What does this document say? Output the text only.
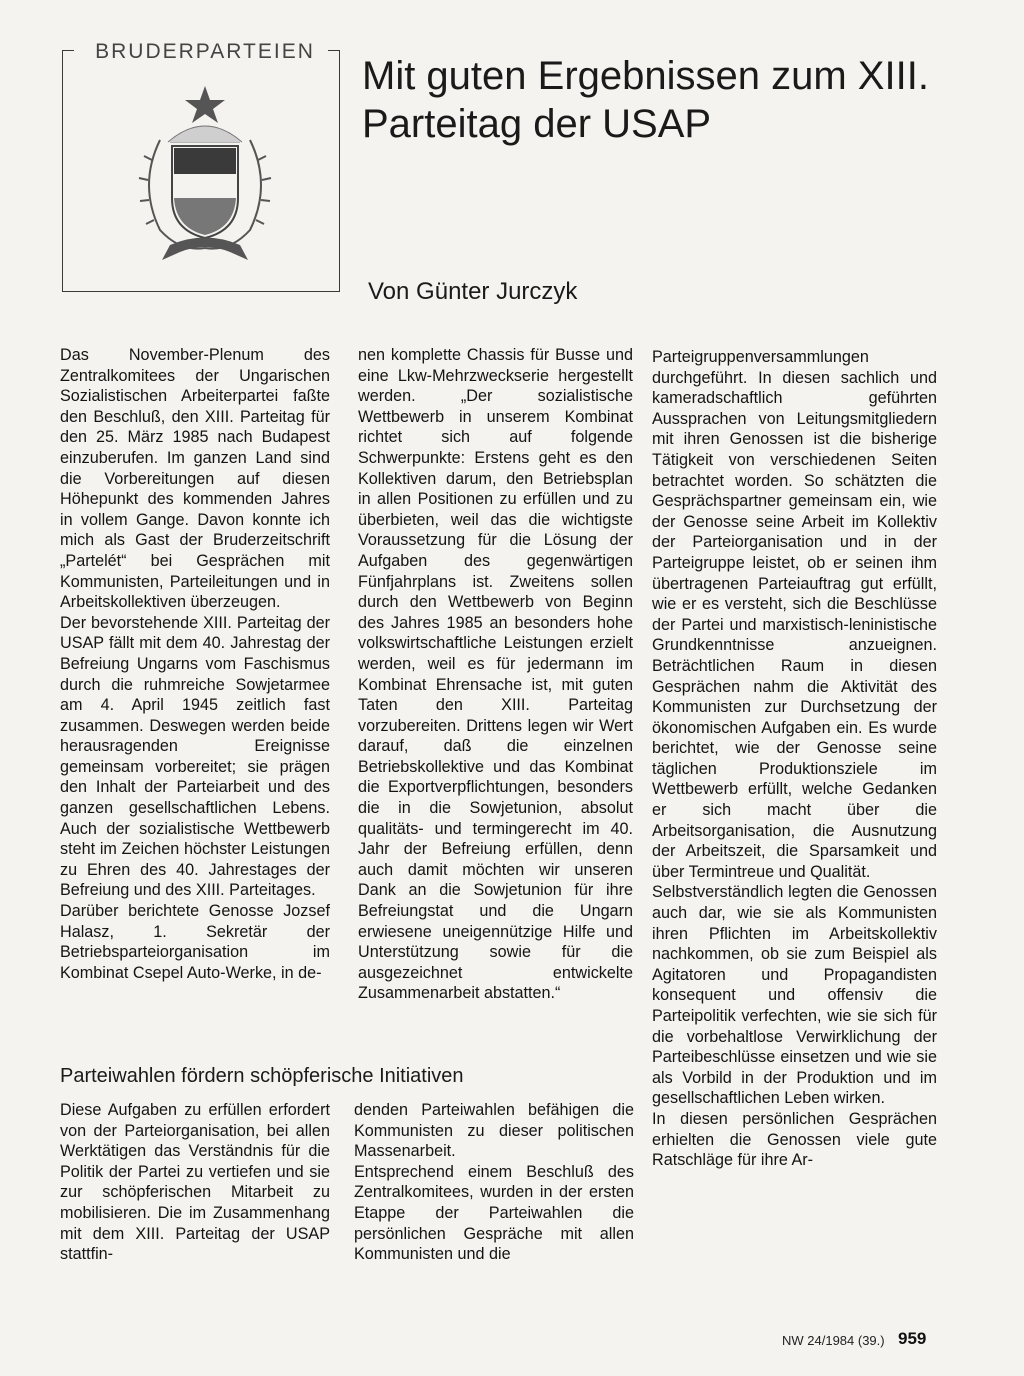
BRUDERPARTEIEN
Mit guten Ergebnissen zum XIII. Parteitag der USAP
Von Günter Jurczyk

Das November-Plenum des Zentralkomitees der Ungarischen Sozialistischen Arbeiterpartei faßte den Beschluß, den XIII. Parteitag für den 25. März 1985 nach Budapest einzuberufen. Im ganzen Land sind die Vorbereitungen auf diesen Höhepunkt des kommenden Jahres in vollem Gange. Davon konnte ich mich als Gast der Bruderzeitschrift „Partelét“ bei Gesprächen mit Kommunisten, Parteileitungen und in Arbeitskollektiven überzeugen.

Der bevorstehende XIII. Parteitag der USAP fällt mit dem 40. Jahrestag der Befreiung Ungarns vom Faschismus durch die ruhmreiche Sowjetarmee am 4. April 1945 zeitlich fast zusammen. Deswegen werden beide herausragenden Ereignisse gemeinsam vorbereitet; sie prägen den Inhalt der Parteiarbeit und des ganzen gesellschaftlichen Lebens. Auch der sozialistische Wettbewerb steht im Zeichen höchster Leistungen zu Ehren des 40. Jahrestages der Befreiung und des XIII. Parteitages.

Darüber berichtete Genosse Jozsef Halasz, 1. Sekretär der Betriebsparteiorganisation im Kombinat Csepel Auto-Werke, in de-

nen komplette Chassis für Busse und eine Lkw-Mehrzweckserie hergestellt werden. „Der sozialistische Wettbewerb in unserem Kombinat richtet sich auf folgende Schwerpunkte: Erstens geht es den Kollektiven darum, den Betriebsplan in allen Positionen zu erfüllen und zu überbieten, weil das die wichtigste Voraussetzung für die Lösung der Aufgaben des gegenwärtigen Fünfjahrplans ist. Zweitens sollen durch den Wettbewerb von Beginn des Jahres 1985 an besonders hohe volkswirtschaftliche Leistungen erzielt werden, weil es für jedermann im Kombinat Ehrensache ist, mit guten Taten den XIII. Parteitag vorzubereiten. Drittens legen wir Wert darauf, daß die einzelnen Betriebskollektive und das Kombinat die Exportverpflichtungen, besonders die in die Sowjetunion, absolut qualitäts- und termingerecht im 40. Jahr der Befreiung erfüllen, denn auch damit möchten wir unseren Dank an die Sowjetunion für ihre Befreiungstat und die Ungarn erwiesene uneigennützige Hilfe und Unterstützung sowie für die ausgezeichnet entwickelte Zusammenarbeit abstatten.“

Parteigruppenversammlungen durchgeführt. In diesen sachlich und kameradschaftlich geführten Aussprachen von Leitungsmitgliedern mit ihren Genossen ist die bisherige Tätigkeit von verschiedenen Seiten betrachtet worden. So schätzten die Gesprächspartner gemeinsam ein, wie der Genosse seine Arbeit im Kollektiv der Parteiorganisation und in der Parteigruppe leistet, ob er seinen ihm übertragenen Parteiauftrag gut erfüllt, wie er es versteht, sich die Beschlüsse der Partei und marxistisch-leninistische Grundkenntnisse anzueignen. Beträchtlichen Raum in diesen Gesprächen nahm die Aktivität des Kommunisten zur Durchsetzung der ökonomischen Aufgaben ein. Es wurde berichtet, wie der Genosse seine täglichen Produktionsziele im Wettbewerb erfüllt, welche Gedanken er sich macht über die Arbeitsorganisation, die Ausnutzung der Arbeitszeit, die Sparsamkeit und über Termintreue und Qualität.

Selbstverständlich legten die Genossen auch dar, wie sie als Kommunisten ihren Pflichten im Arbeitskollektiv nachkommen, ob sie zum Beispiel als Agitatoren und Propagandisten konsequent und offensiv die Parteipolitik verfechten, wie sie sich für die vorbehaltlose Verwirklichung der Parteibeschlüsse einsetzen und wie sie als Vorbild in der Produktion und im gesellschaftlichen Leben wirken.

In diesen persönlichen Gesprächen erhielten die Genossen viele gute Ratschläge für ihre Ar-

Parteiwahlen fördern schöpferische Initiativen

Diese Aufgaben zu erfüllen erfordert von der Parteiorganisation, bei allen Werktätigen das Verständnis für die Politik der Partei zu vertiefen und sie zur schöpferischen Mitarbeit zu mobilisieren. Die im Zusammenhang mit dem XIII. Parteitag der USAP stattfin-

denden Parteiwahlen befähigen die Kommunisten zu dieser politischen Massenarbeit.

Entsprechend einem Beschluß des Zentralkomitees, wurden in der ersten Etappe der Parteiwahlen die persönlichen Gespräche mit allen Kommunisten und die

NW 24/1984 (39.) 959
